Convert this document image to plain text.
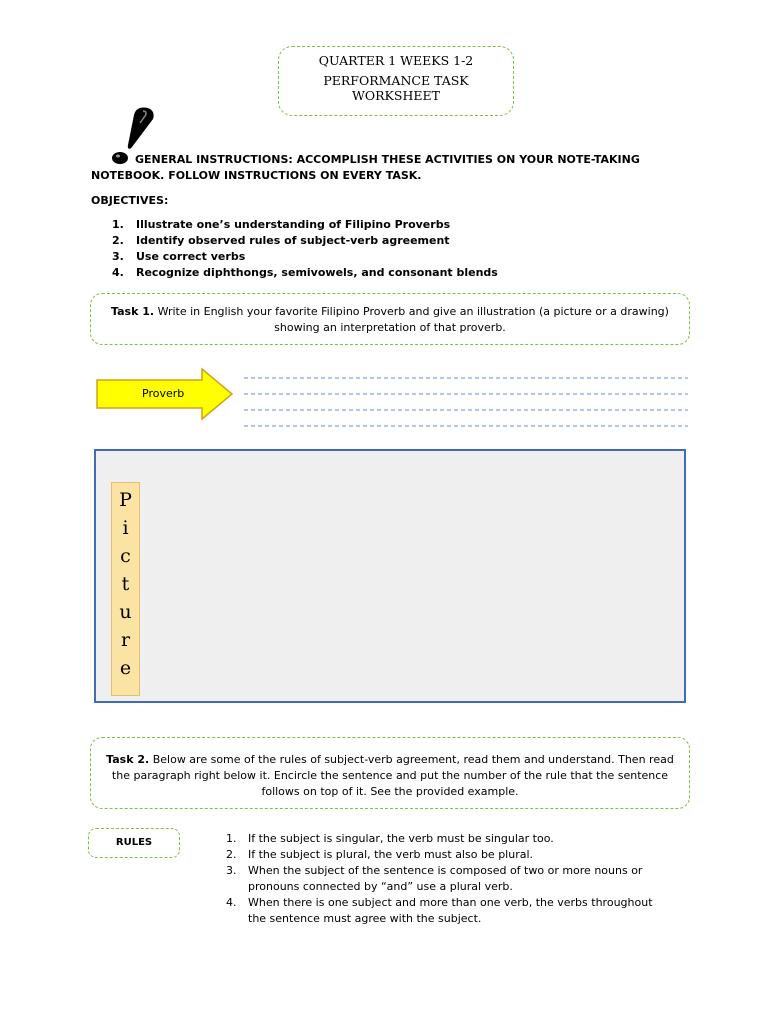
QUARTER 1 WEEKS 1-2
PERFORMANCE TASK
WORKSHEET
GENERAL INSTRUCTIONS: ACCOMPLISH THESE ACTIVITIES ON YOUR NOTE-TAKING
NOTEBOOK. FOLLOW INSTRUCTIONS ON EVERY TASK.
OBJECTIVES:
1.	Illustrate one’s understanding of Filipino Proverbs
2.	Identify observed rules of subject-verb agreement
3.	Use correct verbs
4.	Recognize diphthongs, semivowels, and consonant blends
Task 1. Write in English your favorite Filipino Proverb and give an illustration (a picture or a drawing)
showing an interpretation of that proverb.
Proverb
P
i
c
t
u
r
e
Task 2. Below are some of the rules of subject-verb agreement, read them and understand. Then read
the paragraph right below it. Encircle the sentence and put the number of the rule that the sentence
follows on top of it. See the provided example.
RULES	1.	If the subject is singular, the verb must be singular too.
2.	If the subject is plural, the verb must also be plural.
3.	When the subject of the sentence is composed of two or more nouns or pronouns connected by “and” use a plural verb.
4.	When there is one subject and more than one verb, the verbs throughout the sentence must agree with the subject.
